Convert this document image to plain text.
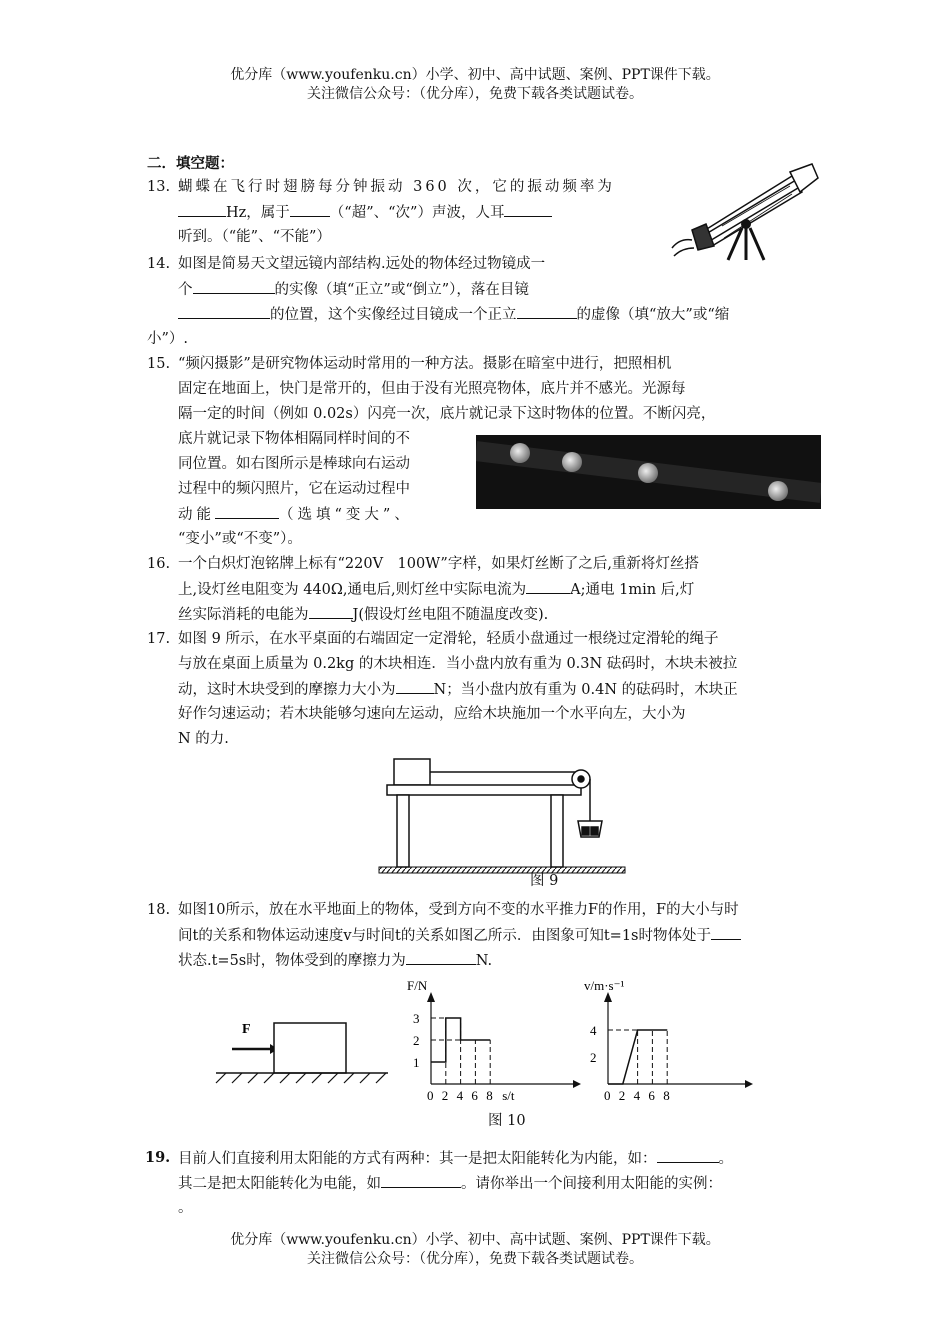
优分库（www.youfenku.cn）小学、初中、高中试题、案例、PPT课件下载。
关注微信公众号：（优分库），免费下载各类试题试卷。
二．填空题：
13. 蝴蝶在飞行时翅膀每分钟振动 360 次，它的振动频率为
Hz，属于	（“超”、“次”）声波，人耳
听到。（“能”、“不能”）
14. 如图是简易天文望远镜内部结构.远处的物体经过物镜成一
个	的实像（填“正立”或“倒立”），落在目镜
的位置，这个实像经过目镜成一个正立	的虚像（填“放大”或“缩
小”）.
15. “频闪摄影”是研究物体运动时常用的一种方法。摄影在暗室中进行，把照相机
固定在地面上，快门是常开的，但由于没有光照亮物体，底片并不感光。光源每
隔一定的时间（例如 0.02s）闪亮一次，底片就记录下这时物体的位置。不断闪亮，
底片就记录下物体相隔同样时间的不
同位置。如右图所示是棒球向右运动
过程中的频闪照片，它在运动过程中
动能	（选填“变大”、
“变小”或“不变”）。
16. 一个白炽灯泡铭牌上标有“220V　100W”字样，如果灯丝断了之后,重新将灯丝搭
上,设灯丝电阻变为 440Ω,通电后,则灯丝中实际电流为	A;通电 1min 后,灯
丝实际消耗的电能为	J(假设灯丝电阻不随温度改变).
17. 如图 9 所示，在水平桌面的右端固定一定滑轮，轻质小盘通过一根绕过定滑轮的绳子
与放在桌面上质量为 0.2kg 的木块相连．当小盘内放有重为 0.3N 砝码时，木块未被拉
动，这时木块受到的摩擦力大小为	N；当小盘内放有重为 0.4N 的砝码时，木块正
好作匀速运动；若木块能够匀速向左运动，应给木块施加一个水平向左，大小为
N 的力.
图 9
18. 如图10所示，放在水平地面上的物体，受到方向不变的水平推力F的作用，F的大小与时
间t的关系和物体运动速度v与时间t的关系如图乙所示．由图象可知t=1s时物体处于
状态.t=5s时，物体受到的摩擦力为	N.
F
F/N
0 2 4 6 8 s/t
1
2
3
v/m·s⁻¹
0 2 4 6 8
2
4
图 10
19. 目前人们直接利用太阳能的方式有两种：其一是把太阳能转化为内能，如：	。
其二是把太阳能转化为电能，如	。请你举出一个间接利用太阳能的实例：
。
优分库（www.youfenku.cn）小学、初中、高中试题、案例、PPT课件下载。
关注微信公众号：（优分库），免费下载各类试题试卷。
